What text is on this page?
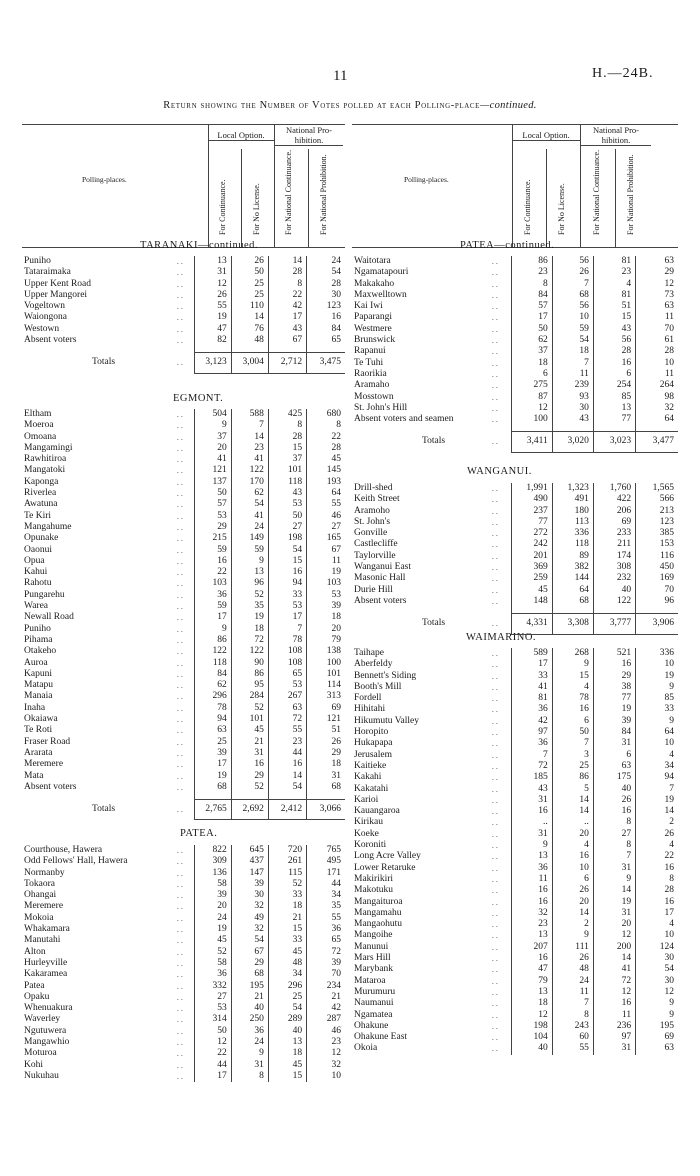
11	H.—24B.
Return showing the Number of Votes polled at each Polling-place—continued.
Polling-places.
Local Option.	National Pro-hibition.
For Continuance.	For No License.	For National Continuance.	For National Prohibition.	Polling-places.
Local Option.	National Pro-hibition.
For Continuance.	For No License.	For National Continuance.	For National Prohibition.
TARANAKI—continued.
EGMONT.
PATEA.
PATEA—continued.
WANGANUI.
WAIMARINO.
Puniho	..	13	26	14	24
Tataraimaka	..	31	50	28	54
Upper Kent Road	..	12	25	8	28
Upper Mangorei	..	26	25	22	30
Vogeltown	..	55	110	42	123
Waiongona	..	19	14	17	16
Westown	..	47	76	43	84
Absent voters	..	82	48	67	65

Totals	..	3,123	3,004	2,712	3,475
Eltham	..	504	588	425	680
Moeroa	..	9	7	8	8
Omoana	..	37	14	28	22
Mangamingi	..	20	23	15	28
Rawhitiroa	..	41	41	37	45
Mangatoki	..	121	122	101	145
Kaponga	..	137	170	118	193
Riverlea	..	50	62	43	64
Awatuna	..	57	54	53	55
Te Kiri	..	53	41	50	46
Mangahume	..	29	24	27	27
Opunake	..	215	149	198	165
Oaonui	..	59	59	54	67
Opua	..	16	9	15	11
Kahui	..	22	13	16	19
Rahotu	..	103	96	94	103
Pungarehu	..	36	52	33	53
Warea	..	59	35	53	39
Newall Road	..	17	19	17	18
Puniho	..	9	18	7	20
Pihama	..	86	72	78	79
Otakeho	..	122	122	108	138
Auroa	..	118	90	108	100
Kapuni	..	84	86	65	101
Matapu	..	62	95	53	114
Manaia	..	296	284	267	313
Inaha	..	78	52	63	69
Okaiawa	..	94	101	72	121
Te Roti	..	63	45	55	51
Fraser Road	..	25	21	23	26
Ararata	..	39	31	44	29
Meremere	..	17	16	16	18
Mata	..	19	29	14	31
Absent voters	..	68	52	54	68

Totals	..	2,765	2,692	2,412	3,066
Courthouse, Hawera	..	822	645	720	765
Odd Fellows' Hall, Hawera	..	309	437	261	495
Normanby	..	136	147	115	171
Tokaora	..	58	39	52	44
Ohangai	..	39	30	33	34
Meremere	..	20	32	18	35
Mokoia	..	24	49	21	55
Whakamara	..	19	32	15	36
Manutahi	..	45	54	33	65
Alton	..	52	67	45	72
Hurleyville	..	58	29	48	39
Kakaramea	..	36	68	34	70
Patea	..	332	195	296	234
Opaku	..	27	21	25	21
Whenuakura	..	53	40	54	42
Waverley	..	314	250	289	287
Ngutuwera	..	50	36	40	46
Mangawhio	..	12	24	13	23
Moturoa	..	22	9	18	12
Kohi	..	44	31	45	32
Nukuhau	..	17	8	15	10
Waitotara	..	86	56	81	63
Ngamatapouri	..	23	26	23	29
Makakaho	..	8	7	4	12
Maxwelltown	..	84	68	81	73
Kai Iwi	..	57	56	51	63
Paparangi	..	17	10	15	11
Westmere	..	50	59	43	70
Brunswick	..	62	54	56	61
Rapanui	..	37	18	28	28
Te Tuhi	..	18	7	16	10
Raorikia	..	6	11	6	11
Aramaho	..	275	239	254	264
Mosstown	..	87	93	85	98
St. John's Hill	..	12	30	13	32
Absent voters and seamen	..	100	43	77	64

Totals	..	3,411	3,020	3,023	3,477
Drill-shed	..	1,991	1,323	1,760	1,565
Keith Street	..	490	491	422	566
Aramoho	..	237	180	206	213
St. John's	..	77	113	69	123
Gonville	..	272	336	233	385
Castlecliffe	..	242	118	211	153
Taylorville	..	201	89	174	116
Wanganui East	..	369	382	308	450
Masonic Hall	..	259	144	232	169
Durie Hill	..	45	64	40	70
Absent voters	..	148	68	122	96

Totals	..	4,331	3,308	3,777	3,906
Taihape	..	589	268	521	336
Aberfeldy	..	17	9	16	10
Bennett's Siding	..	33	15	29	19
Booth's Mill	..	41	4	38	9
Fordell	..	81	78	77	85
Hihitahi	..	36	16	19	33
Hikumutu Valley	..	42	6	39	9
Horopito	..	97	50	84	64
Hukapapa	..	36	7	31	10
Jerusalem	..	7	3	6	4
Kaitieke	..	72	25	63	34
Kakahi	..	185	86	175	94
Kakatahi	..	43	5	40	7
Karioi	..	31	14	26	19
Kauangaroa	..	16	14	16	14
Kirikau	..	..	..	8	2
Koeke	..	31	20	27	26
Koroniti	..	9	4	8	4
Long Acre Valley	..	13	16	7	22
Lower Retaruke	..	36	10	31	16
Makirikiri	..	11	6	9	8
Makotuku	..	16	26	14	28
Mangaituroa	..	16	20	19	16
Mangamahu	..	32	14	31	17
Mangaohutu	..	23	2	20	4
Mangoihe	..	13	9	12	10
Manunui	..	207	111	200	124
Mars Hill	..	16	26	14	30
Marybank	..	47	48	41	54
Mataroa	..	79	24	72	30
Murumuru	..	13	11	12	12
Naumanui	..	18	7	16	9
Ngamatea	..	12	8	11	9
Ohakune	..	198	243	236	195
Ohakune East	..	104	60	97	69
Okoia	..	40	55	31	63
